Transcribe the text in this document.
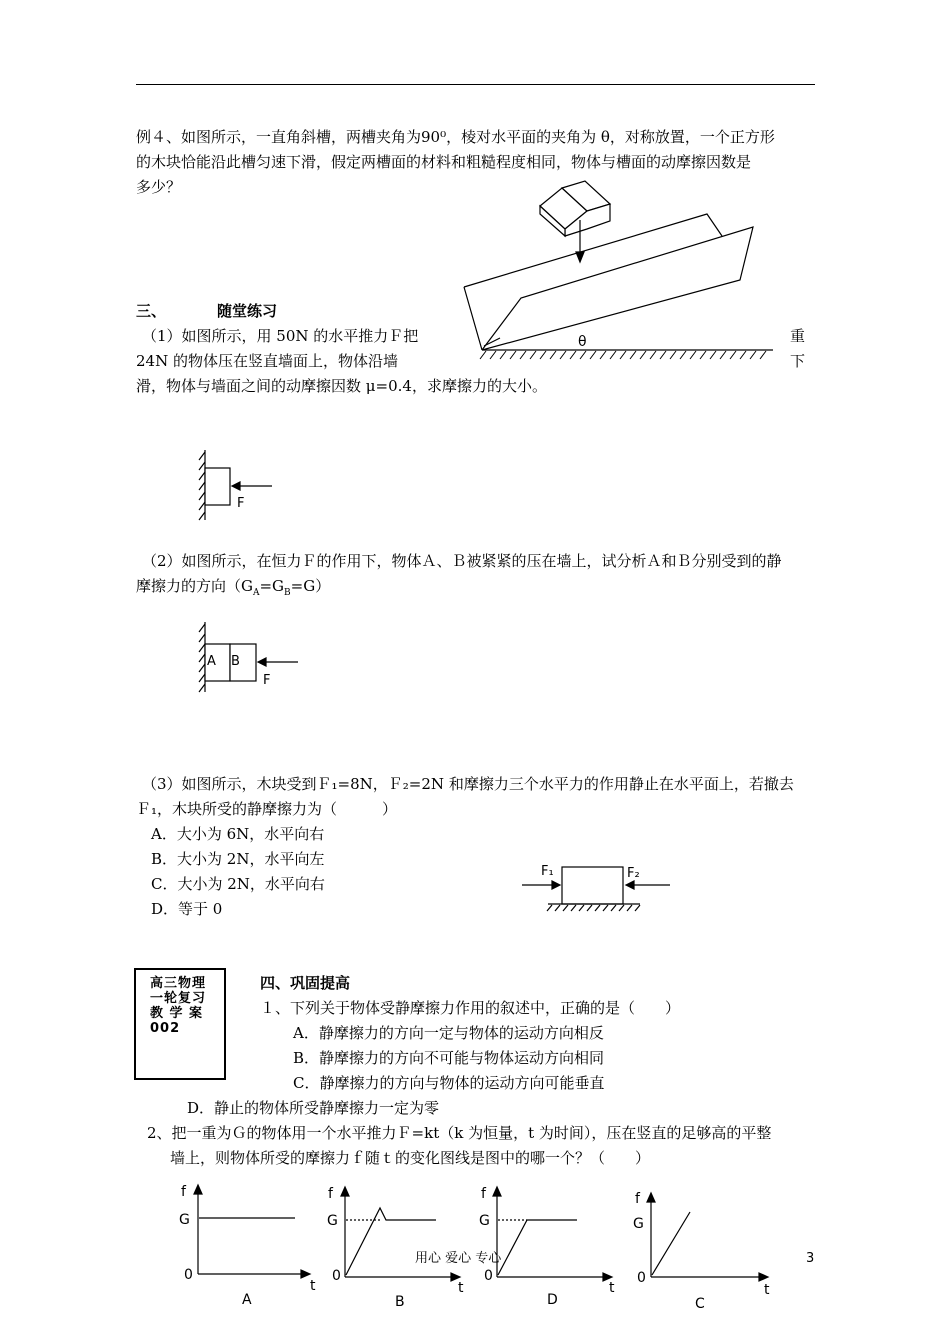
例４、如图所示，一直角斜槽，两槽夹角为90⁰，棱对水平面的夹角为 θ，对称放置，一个正方形
的木块恰能沿此槽匀速下滑，假定两槽面的材料和粗糙程度相同，物体与槽面的动摩擦因数是
多少？
θ
三、	随堂练习
（1）如图所示，用 50N 的水平推力Ｆ把	重
24N 的物体压在竖直墙面上，物体沿墙	下
滑，物体与墙面之间的动摩擦因数 μ=0.4，求摩擦力的大小。
F
（2）如图所示，在恒力Ｆ的作用下，物体Ａ、Ｂ被紧紧的压在墙上，试分析Ａ和Ｂ分别受到的静
摩擦力的方向$(G_A=G_B=G)$
A B
F
（3）如图所示，木块受到Ｆ₁=8N，Ｆ₂=2N 和摩擦力三个水平力的作用静止在水平面上，若撤去
Ｆ₁，木块所受的静摩擦力为（　　　）
A．大小为 6N，水平向右
B．大小为 2N，水平向左
C．大小为 2N，水平向右
D．等于 0
F₁	F₂
高三物理
一轮复习
教 学 案
002
四、巩固提高
１、下列关于物体受静摩擦力作用的叙述中，正确的是（　　）
A．静摩擦力的方向一定与物体的运动方向相反
B．静摩擦力的方向不可能与物体运动方向相同
C．静摩擦力的方向与物体的运动方向可能垂直
D．静止的物体所受静摩擦力一定为零
2、把一重为Ｇ的物体用一个水平推力Ｆ=kt（k 为恒量，t 为时间），压在竖直的足够高的平整
墙上，则物体所受的摩擦力ｆ随ｔ的变化图线是图中的哪一个？（　　）
f
G
0
t
A
f
G
0
t
B
f
G
0
t
D
f
G
0
t
C
用心 爱心 专心	3
